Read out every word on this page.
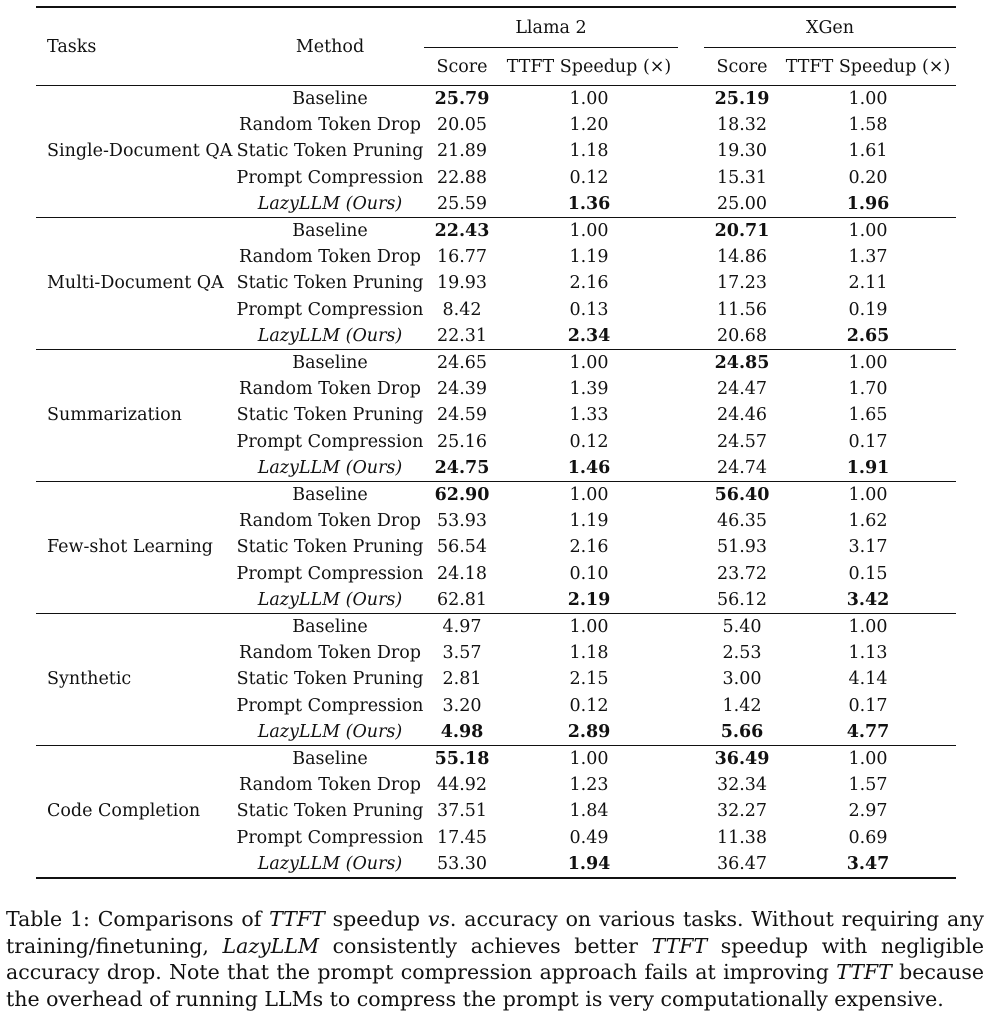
Tasks	Method	Llama 2			XGen	
		Score	TTFT Speedup (×)		Score	TTFT Speedup (×)
Single-Document QA	Baseline	25.79	1.00		25.19	1.00
	Random Token Drop	20.05	1.20		18.32	1.58
	Static Token Pruning	21.89	1.18		19.30	1.61
	Prompt Compression	22.88	0.12		15.31	0.20
	LazyLLM (Ours)	25.59	1.36		25.00	1.96
Multi-Document QA	Baseline	22.43	1.00		20.71	1.00
	Random Token Drop	16.77	1.19		14.86	1.37
	Static Token Pruning	19.93	2.16		17.23	2.11
	Prompt Compression	8.42	0.13		11.56	0.19
	LazyLLM (Ours)	22.31	2.34		20.68	2.65
Summarization	Baseline	24.65	1.00		24.85	1.00
	Random Token Drop	24.39	1.39		24.47	1.70
	Static Token Pruning	24.59	1.33		24.46	1.65
	Prompt Compression	25.16	0.12		24.57	0.17
	LazyLLM (Ours)	24.75	1.46		24.74	1.91
Few-shot Learning	Baseline	62.90	1.00		56.40	1.00
	Random Token Drop	53.93	1.19		46.35	1.62
	Static Token Pruning	56.54	2.16		51.93	3.17
	Prompt Compression	24.18	0.10		23.72	0.15
	LazyLLM (Ours)	62.81	2.19		56.12	3.42
Synthetic	Baseline	4.97	1.00		5.40	1.00
	Random Token Drop	3.57	1.18		2.53	1.13
	Static Token Pruning	2.81	2.15		3.00	4.14
	Prompt Compression	3.20	0.12		1.42	0.17
	LazyLLM (Ours)	4.98	2.89		5.66	4.77
Code Completion	Baseline	55.18	1.00		36.49	1.00
	Random Token Drop	44.92	1.23		32.34	1.57
	Static Token Pruning	37.51	1.84		32.27	2.97
	Prompt Compression	17.45	0.49		11.38	0.69
	LazyLLM (Ours)	53.30	1.94		36.47	3.47
Table 1: Comparisons of TTFT speedup vs. accuracy on various tasks. Without requiring any training/finetuning, LazyLLM consistently achieves better TTFT speedup with negligible accuracy drop. Note that the prompt compression approach fails at improving TTFT because the overhead of running LLMs to compress the prompt is very computationally expensive.
